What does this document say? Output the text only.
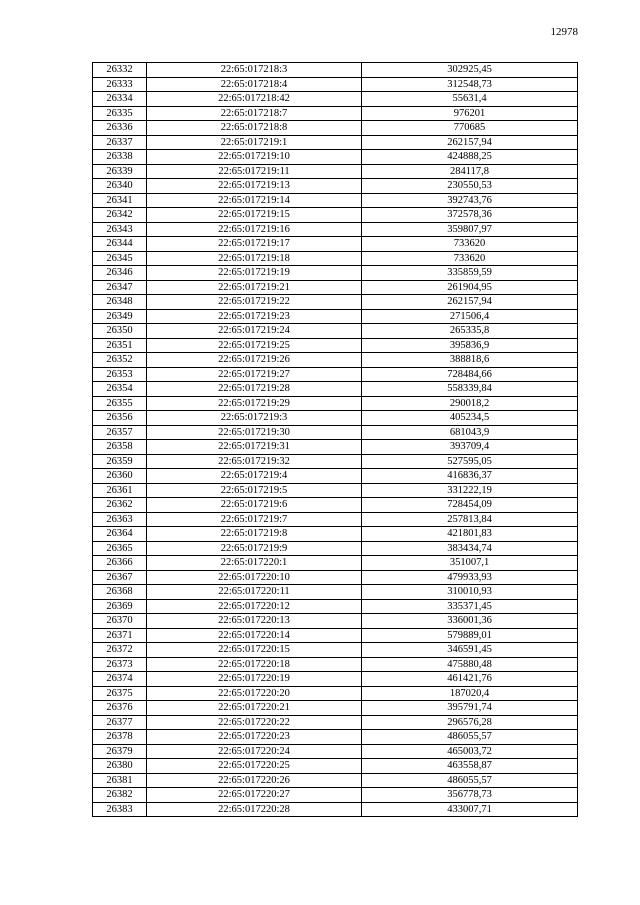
12978
26332	22:65:017218:3	302925,45
26333	22:65:017218:4	312548,73
26334	22:65:017218:42	55631,4
26335	22:65:017218:7	976201
26336	22:65:017218:8	770685
26337	22:65:017219:1	262157,94
26338	22:65:017219:10	424888,25
26339	22:65:017219:11	284117,8
26340	22:65:017219:13	230550,53
26341	22:65:017219:14	392743,76
26342	22:65:017219:15	372578,36
26343	22:65:017219:16	359807,97
26344	22:65:017219:17	733620
26345	22:65:017219:18	733620
26346	22:65:017219:19	335859,59
26347	22:65:017219:21	261904,95
26348	22:65:017219:22	262157,94
26349	22:65:017219:23	271506,4
26350	22:65:017219:24	265335,8
26351	22:65:017219:25	395836,9
26352	22:65:017219:26	388818,6
26353	22:65:017219:27	728484,66
26354	22:65:017219:28	558339,84
26355	22:65:017219:29	290018,2
26356	22:65:017219:3	405234,5
26357	22:65:017219:30	681043,9
26358	22:65:017219:31	393709,4
26359	22:65:017219:32	527595,05
26360	22:65:017219:4	416836,37
26361	22:65:017219:5	331222,19
26362	22:65:017219:6	728454,09
26363	22:65:017219:7	257813,84
26364	22:65:017219:8	421801,83
26365	22:65:017219:9	383434,74
26366	22:65:017220:1	351007,1
26367	22:65:017220:10	479933,93
26368	22:65:017220:11	310010,93
26369	22:65:017220:12	335371,45
26370	22:65:017220:13	336001,36
26371	22:65:017220:14	579889,01
26372	22:65:017220:15	346591,45
26373	22:65:017220:18	475880,48
26374	22:65:017220:19	461421,76
26375	22:65:017220:20	187020,4
26376	22:65:017220:21	395791,74
26377	22:65:017220:22	296576,28
26378	22:65:017220:23	486055,57
26379	22:65:017220:24	465003,72
26380	22:65:017220:25	463558,87
26381	22:65:017220:26	486055,57
26382	22:65:017220:27	356778,73
26383	22:65:017220:28	433007,71
